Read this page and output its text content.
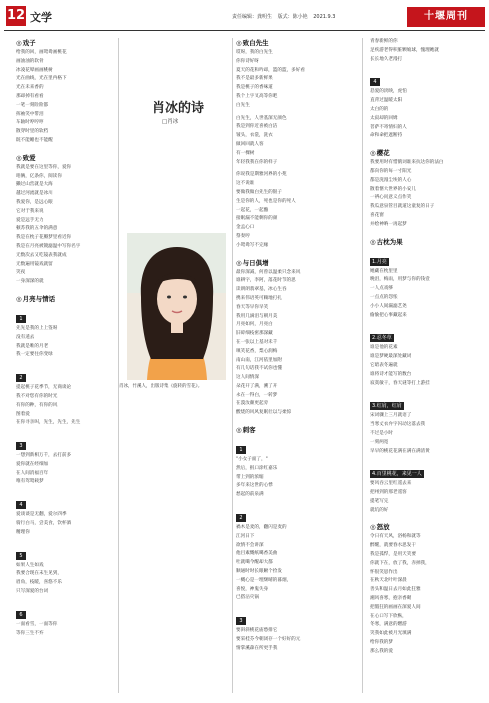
12 文学	责任编辑：龚明生 版式：陈小艳 2021.9.3	十堰周刊
◎ 戏子
给我的回，画鸳鸯画桃花
画油油的软骨
冰凌花晕画画桃树
光在曲线，光在里冉格下
光在未来香的
那却掉有看看
一笔一刻险险都
挥袖笑中带泪
车轴时哼哼哼
散穿时里的软档
既不能睡也不能醒
◎ 致爱
我就是要在这里等你，爱你
咱俩，亿条你，阅读你
獭过山峦就是大海
越过河流就是冰川
我爱你，是远心眼
它对于我来说
爱是远手无力
顿苏我的五伞的满意
我是在枕子花瓣梦里看近你
我是在月亮被镀滤温中写你名字
无数次去又吃镜表我就成
无数遍用镜戏就留
笑夜
一身深深的就
◎ 月亮与情话
1
先先是我的上上签呀
没有逍去
我就是唯的月老
我一定要往你变绿
2
提起桃子花季节，无商谈论
我不对您有你的时光
有你的种，有你的风
图着爱
在你寻亲叫，先生，先生，先生
3
一想到新相万千，去打前多
爱你就在经细加
在人间消福百年
唯有驾鸳载梦
4
爱谈谈是无翻，爱尔四季
骑行白马，尝美食，饮杯酒
精理你
5
如果人生如戏
我要合现在末生见到，
眉角，枝暖，喜悠不乐
只写深爱的台词
6
一面看雪，一面等你
等你三生不弃
肖冰的诗
□肖冰
肖冰，竹溪人，出版诗集《旋转的雪花》。
◎ 致白先生
哎呀，我的白先生
你你诗好呀
夏天的花和吟却，篮的篮，多好看
我不是最多新鲜果
我是桃子的香味道
我个上字叉高等你吧
白先生
白先生，人世基深无颜色
我是到你近喜被白洁
皱头，衣裳，洗衣
做回回就人客
有一棵树
年轻我我在你的样子
你说我是期雅河界的小苑
这不说谁
要做我做白先生的银子
生是你的人，死也是你的死人
一起花，一起酿
接眠漏不能剩你的颜
金孟心口
祭奏哼
小鸳鸯写不完缘
◎ 与日俱增
最你深减，何曾以温柔只念来风
谁耕字，李阿，落花时节的思
读朗朗翡翠基，冰心生吞
携来伟语英可赖地打扎
春天等早你早笑
我用几滴泪与朝月美
月亮如何，月亮白
旧碎细枝密那深藏
在一张以上基对未千
嗔笑花香，梨心润梅
南山南，江河依里加附
有几句话我不试你也懂
这人间情深
朵花开了满，溯了开
永在一得白，一转梦
在漠汝颇更起旁
酸烧的风风复眠壮以与柔惊
◎ 刺客
1
"小女子面了，"
然后，抿口涂红嘉乐
带上到的浓缩
多年来这世的心悸
愁起的前泉满
2
禍木是麦的，翻闪是麦的
江河日下
欲情不会讲深
他目素慨纸噶香美曲
吐就噶今醒却大都
顺通时时长眼瞅个捡发
一概心是一埋颓晴的暮烟，
喜悦，神鬼失身
已搭沾灾锅
3
要斜斜桃花庙愁排它
要采桂芬今朝闭存一个好好的元
情掌溪森在所更手我
青春新鲜的你
足疾游老得积脏颗娘球，愧理她就
长长地久老漫打
4
恳爱的淡映，虎怕
直背过温暖太阳
太白的的
太寂却的回姆
菩萨不寄情妇的人
命和命把遮断持
◎ 樱花
我要用时有惜鹤词谁来抗达你的法白
都向你的每一寸阳光
都是洗漫尘埃的人心
散着惬大世界的小安儿
一辨心问意义点作笑
我瓜意泉管目就道这童复的日子
喜花窗
并绘神呐一再起梦
◎ 古枕为果
1.月亮
她藏在枕里里
晚泪，梅雨，用梦与你的钱壹
一人点戏够
一点点的怨怅
小小人间漏滤艺尧
偷偷把心事藏起来
2.忍冬草
谁是他的花素
谁是梦硬最深处藏词
它暗表冬遍就
谁将诗才能写的数台
寂寞敏干，春天谜等打上游挂
3.红肩，红肩
宋词骤上三月就语了
当寒丈衣弁字闪动这落去我
不过是小时
一刻两宽
早早的桃花花满在满在满清黄
4.百里桃花，来见一人
要风吞云里红遥去来
把州到的那老遥客
提笔写完
就坑的好
◎ 怒放
令日有天风，浴杨和就等
醉醒，就要春水思发干
我是孤悍，是用天笑要
你就下在，放了我，赤掉我，
怀很笑思作出
在秋天北叶叶深晨
善头和温日去月如此狂雅
湘风喜寒，抱亲香砌
把假狂的画画在深爱人间
在心口写下欣枞，
冬寒，满意的燃游
笑我如此被月光填满
给你我的梦
那么我的爱
